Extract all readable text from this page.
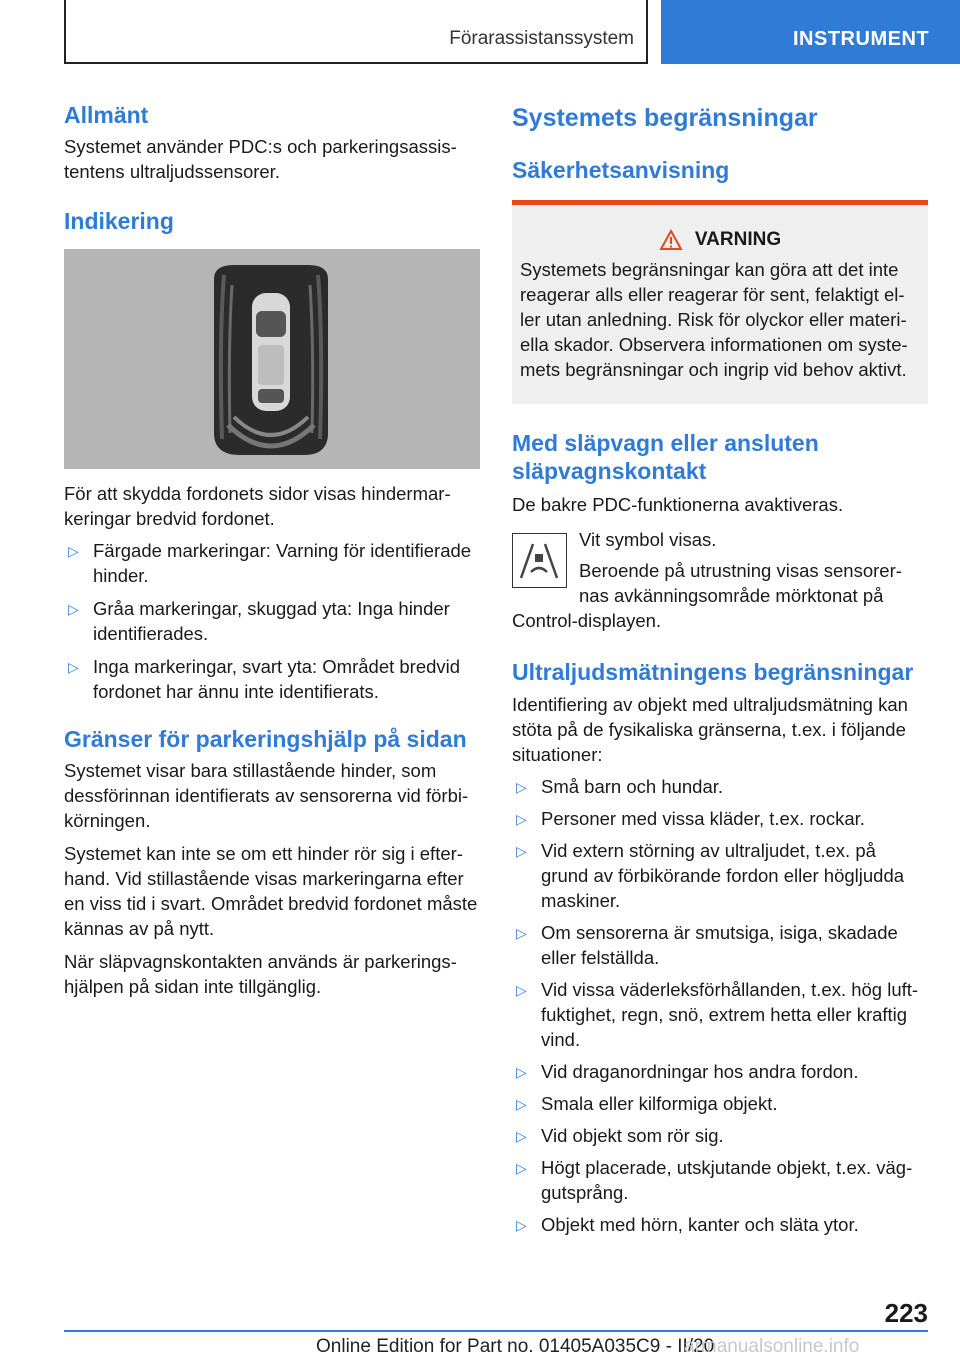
Förarassistanssystem	INSTRUMENT
Allmänt

Systemet använder PDC:s och parkeringsassis-tentens ultraljudssensorer.

Indikering

För att skydda fordonets sidor visas hindermar-keringar bredvid fordonet.

▷ Färgade markeringar: Varning för identifierade hinder.
▷ Gråa markeringar, skuggad yta: Inga hinder identifierades.
▷ Inga markeringar, svart yta: Området bredvid fordonet har ännu inte identifierats.
Gränser för parkeringshjälp på sidan

Systemet visar bara stillastående hinder, som dessförinnan identifierats av sensorerna vid förbi-körningen.

Systemet kan inte se om ett hinder rör sig i efter-hand. Vid stillastående visas markeringarna efter en viss tid i svart. Området bredvid fordonet måste kännas av på nytt.

När släpvagnskontakten används är parkerings-hjälpen på sidan inte tillgänglig.

Systemets begränsningar
Säkerhetsanvisning
VARNING

Systemets begränsningar kan göra att det inte reagerar alls eller reagerar för sent, felaktigt el-ler utan anledning. Risk för olyckor eller materi-ella skador. Observera informationen om syste-mets begränsningar och ingrip vid behov aktivt.

Med släpvagn eller ansluten släpvagnskontakt

De bakre PDC-funktionerna avaktiveras.

Vit symbol visas.

Beroende på utrustning visas sensorer-nas avkänningsområde mörktonat på

Control-displayen.

Ultraljudsmätningens begränsningar

Identifiering av objekt med ultraljudsmätning kan stöta på de fysikaliska gränserna, t.ex. i följande situationer:

▷ Små barn och hundar.
▷ Personer med vissa kläder, t.ex. rockar.
▷ Vid extern störning av ultraljudet, t.ex. på grund av förbikörande fordon eller högljudda maskiner.
▷ Om sensorerna är smutsiga, isiga, skadade eller felställda.
▷ Vid vissa väderleksförhållanden, t.ex. hög luft-fuktighet, regn, snö, extrem hetta eller kraftig vind.
▷ Vid draganordningar hos andra fordon.
▷ Smala eller kilformiga objekt.
▷ Vid objekt som rör sig.
▷ Högt placerade, utskjutande objekt, t.ex. väg-gutsprång.
▷ Objekt med hörn, kanter och släta ytor.
223
Online Edition for Part no. 01405A035C9 - II/20
armanualsonline.info
